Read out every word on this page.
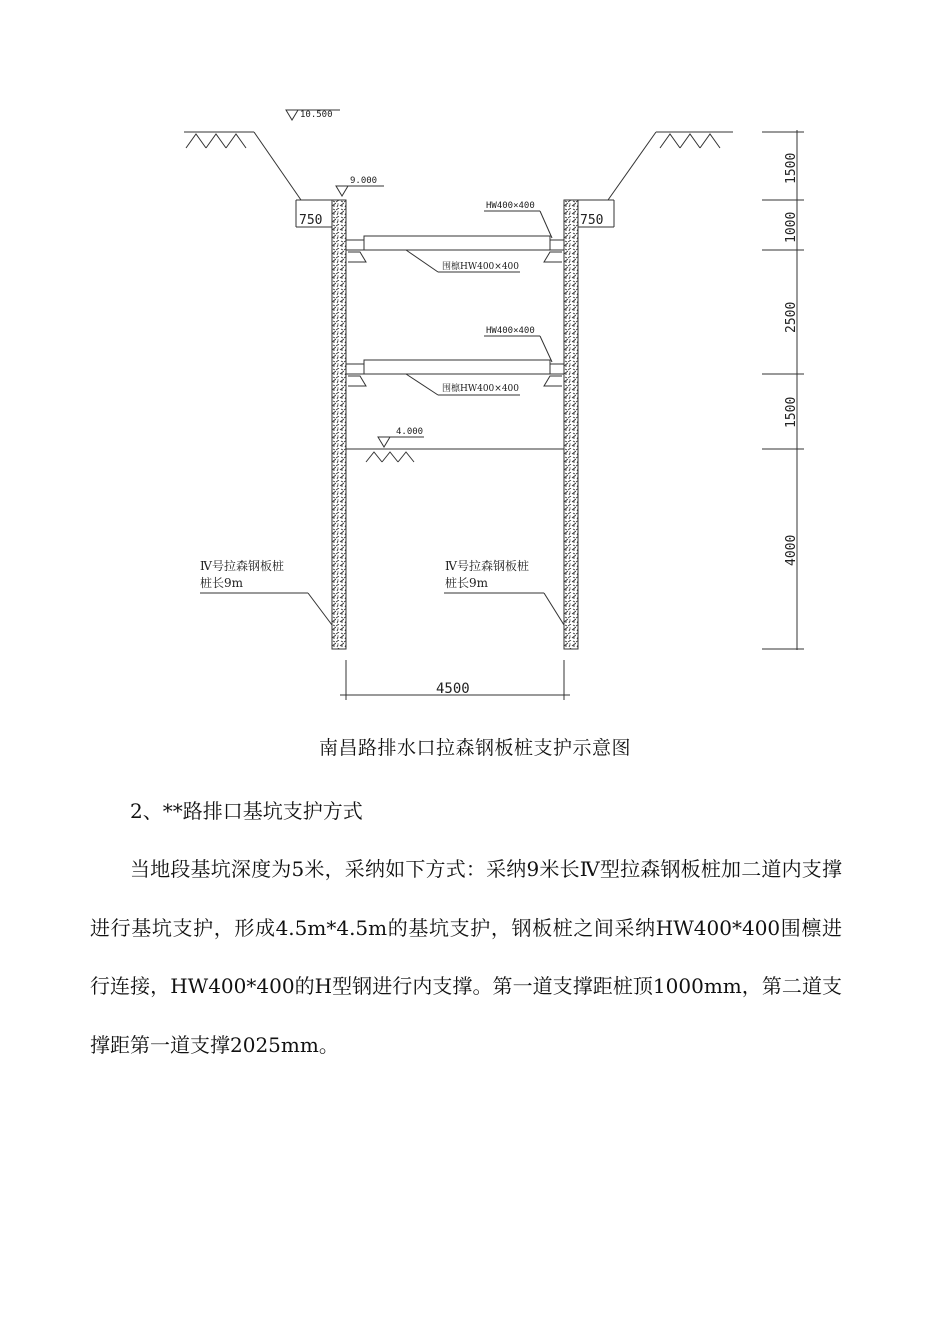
750	750
10.500
9.000
4.000
HW400×400
围檩HW400×400
HW400×400
围檩HW400×400
Ⅳ号拉森钢板桩
桩长9m
Ⅳ号拉森钢板桩
桩长9m
4500
1500
1000
2500
1500
4000
南昌路排水口拉森钢板桩支护示意图
2、**路排口基坑支护方式

当地段基坑深度为5米，采纳如下方式：采纳9米长Ⅳ型拉森钢板桩加二道内支撑进行基坑支护，形成4.5m*4.5m的基坑支护，钢板桩之间采纳HW400*400围檩进行连接，HW400*400的H型钢进行内支撑。第一道支撑距桩顶1000mm，第二道支撑距第一道支撑2025mm。
